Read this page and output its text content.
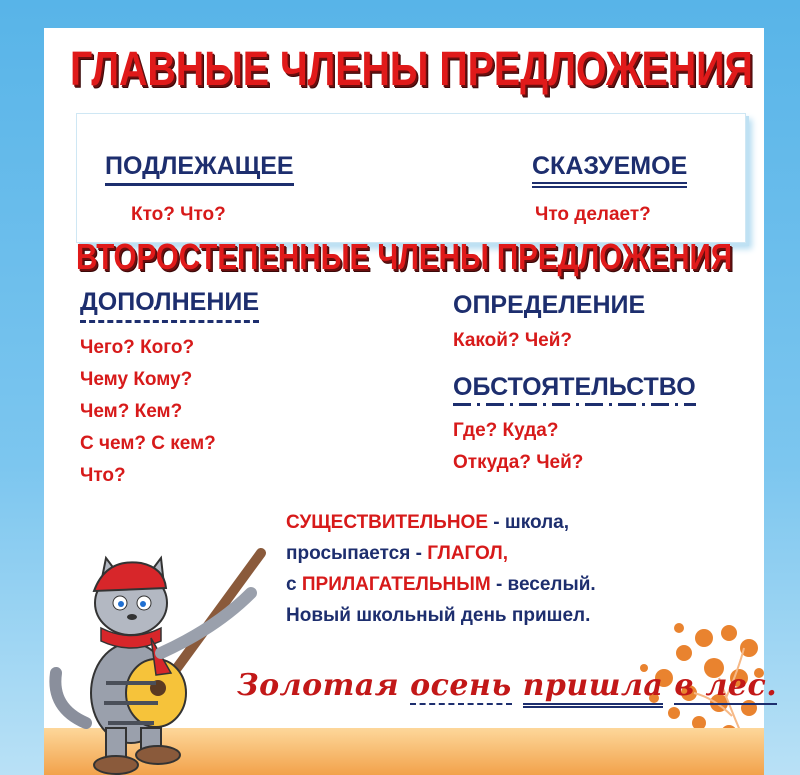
ГЛАВНЫЕ ЧЛЕНЫ ПРЕДЛОЖЕНИЯ
ПОДЛЕЖАЩЕЕ
Кто? Что?
СКАЗУЕМОЕ
Что делает?
ВТОРОСТЕПЕННЫЕ ЧЛЕНЫ ПРЕДЛОЖЕНИЯ
ДОПОЛНЕНИЕ
Чего? Кого?
Чему Кому?
Чем? Кем?
С чем? С кем?
Что?
ОПРЕДЕЛЕНИЕ
Какой? Чей?
ОБСТОЯТЕЛЬСТВО
Где? Куда?
Откуда? Чей?
СУЩЕСТВИТЕЛЬНОЕ - школа,
просыпается - ГЛАГОЛ,
с ПРИЛАГАТЕЛЬНЫМ - веселый.
Новый школьный день пришел.
Золотая осень пришла в лес.
